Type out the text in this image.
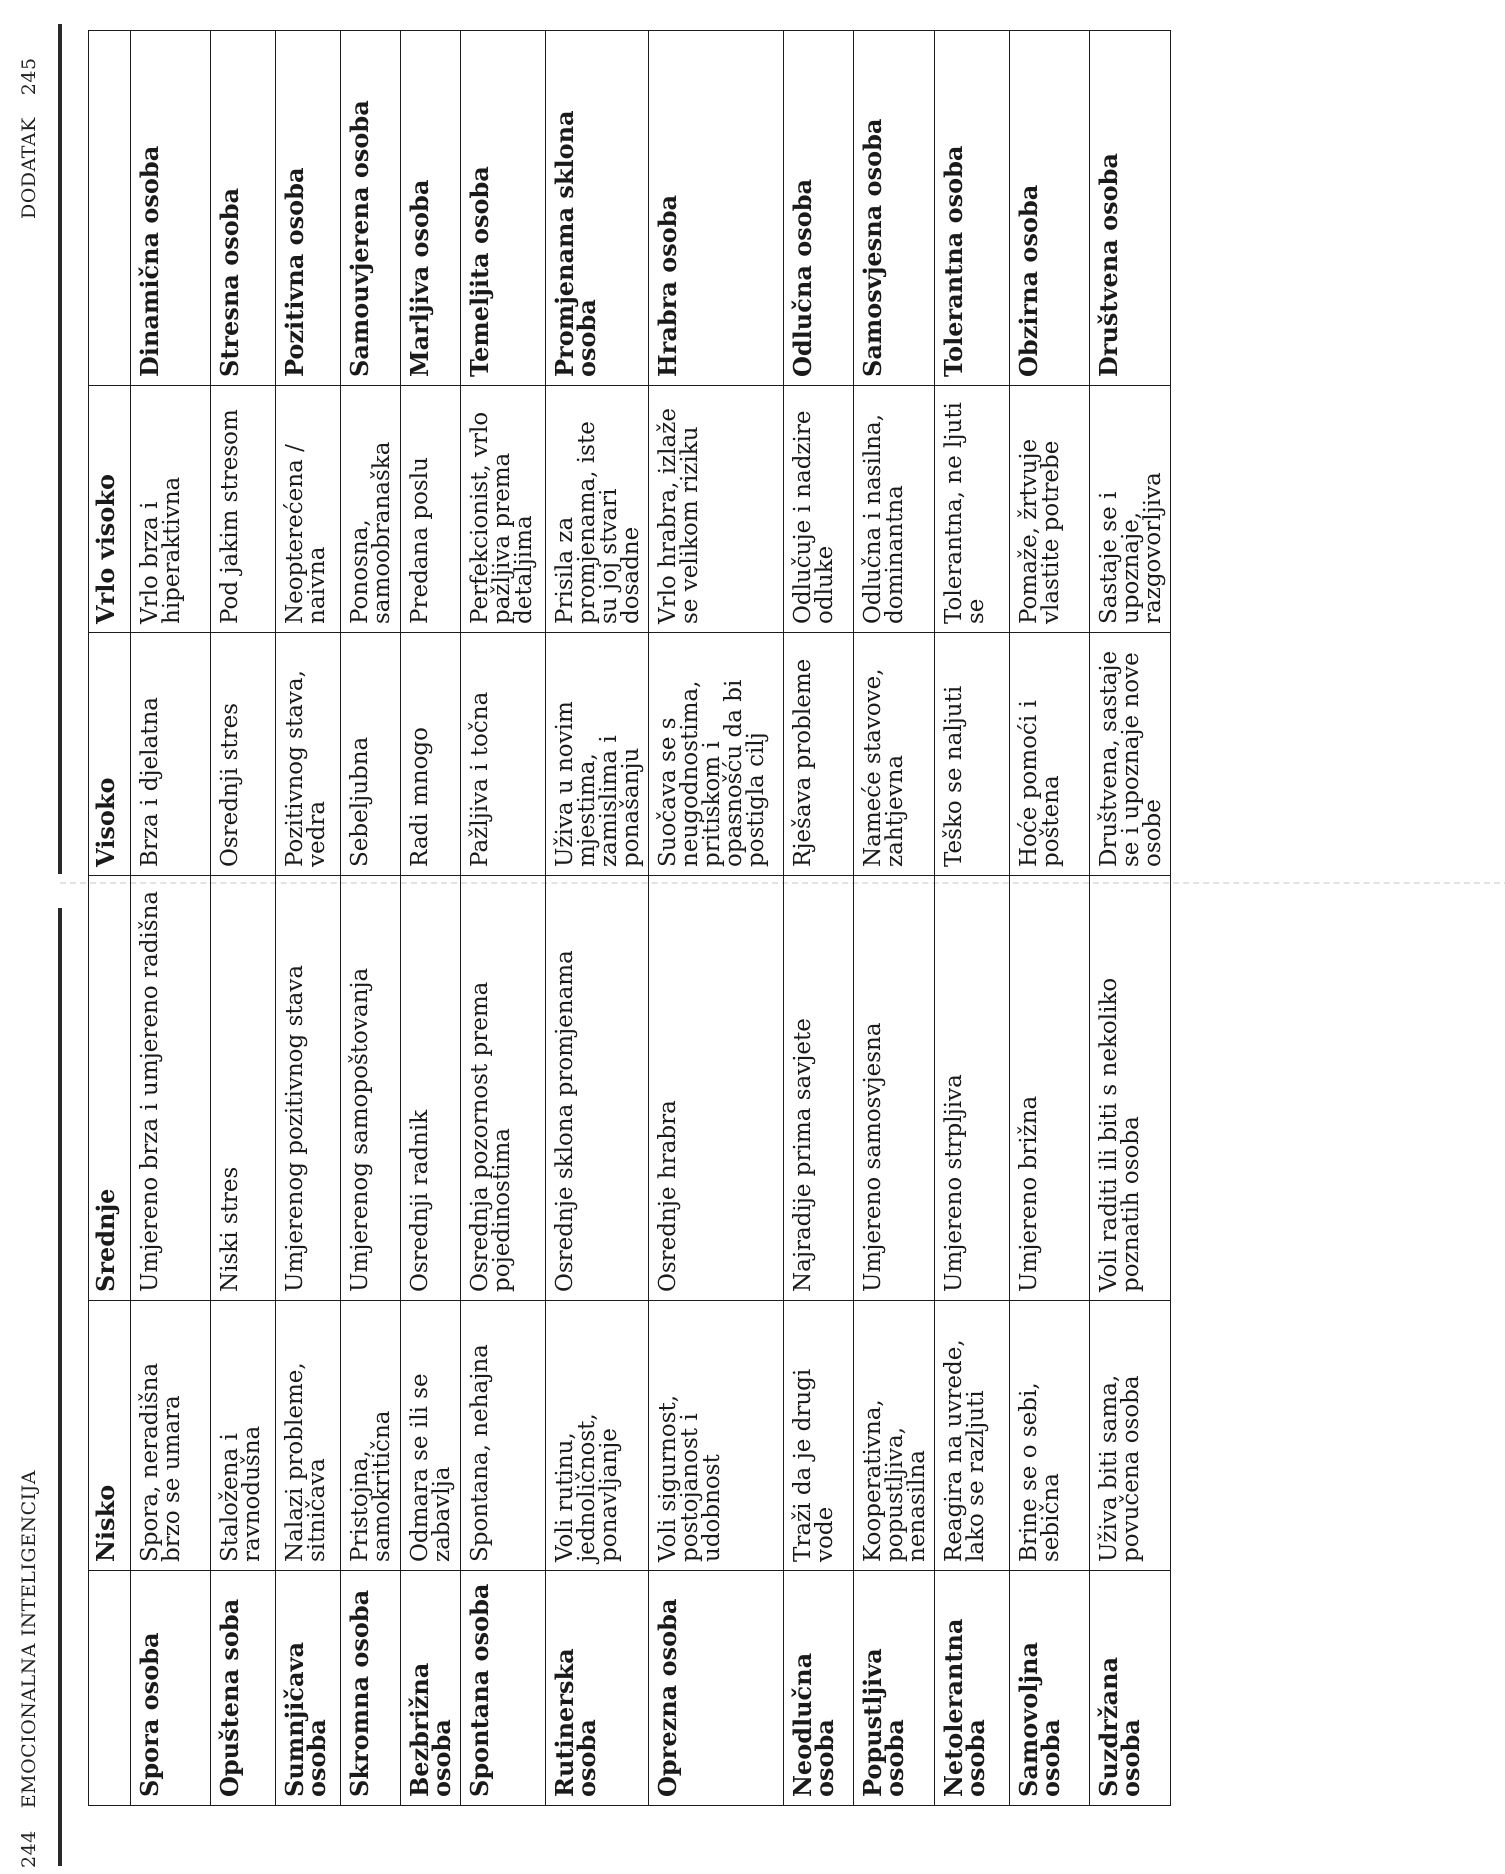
244EMOCIONALNA INTELIGENCIJA
DODATAK245
	Nisko	Srednje	Visoko	Vrlo visoko	
Spora osoba	Spora, neradišna brzo se umara	Umjereno brza i umjereno radišna	Brza i djelatna	Vrlo brza i hiperaktivna	Dinamična osoba
Opuštena soba	Staložena i ravnodušna	Niski stres	Osrednji stres	Pod jakim stresom	Stresna osoba
Sumnjičava osoba	Nalazi probleme, sitničava	Umjerenog pozitivnog stava	Pozitivnog stava, vedra	Neopterećena / naivna	Pozitivna osoba
Skromna osoba	Pristojna, samokritična	Umjerenog samopoštovanja	Sebeljubna	Ponosna, samoobranaška	Samouvjerena osoba
Bezbrižna osoba	Odmara se ili se zabavlja	Osrednji radnik	Radi mnogo	Predana poslu	Marljiva osoba
Spontana osoba	Spontana, nehajna	Osrednja pozornost prema pojedinostima	Pažljiva i točna	Perfekcionist, vrlo pažljiva prema detaljima	Temeljita osoba
Rutinerska osoba	Voli rutinu, jednoličnost, ponavljanje	Osrednje sklona promjenama	Uživa u novim mjestima, zamislima i ponašanju	Prisila za promjenama, iste su joj stvari dosadne	Promjenama sklona osoba
Oprezna osoba	Voli sigurnost, postojanost i udobnost	Osrednje hrabra	Suočava se s neugodnostima, pritiskom i opasnošću da bi postigla cilj	Vrlo hrabra, izlaže se velikom riziku	Hrabra osoba
Neodlučna osoba	Traži da je drugi vode	Najradije prima savjete	Rješava probleme	Odlučuje i nadzire odluke	Odlučna osoba
Popustljiva osoba	Kooperativna, popustljiva, nenasilna	Umjereno samosvjesna	Nameće stavove, zahtjevna	Odlučna i nasilna, dominantna	Samosvjesna osoba
Netolerantna osoba	Reagira na uvrede, lako se razljuti	Umjereno strpljiva	Teško se naljuti	Tolerantna, ne ljuti se	Tolerantna osoba
Samovoljna osoba	Brine se o sebi, sebična	Umjereno brižna	Hoće pomoći i poštena	Pomaže, žrtvuje vlastite potrebe	Obzirna osoba
Suzdržana osoba	Uživa biti sama, povučena osoba	Voli raditi ili biti s nekoliko poznatih osoba	Društvena, sastaje se i upoznaje nove osobe	Sastaje se i upoznaje, razgovorljiva	Društvena osoba
